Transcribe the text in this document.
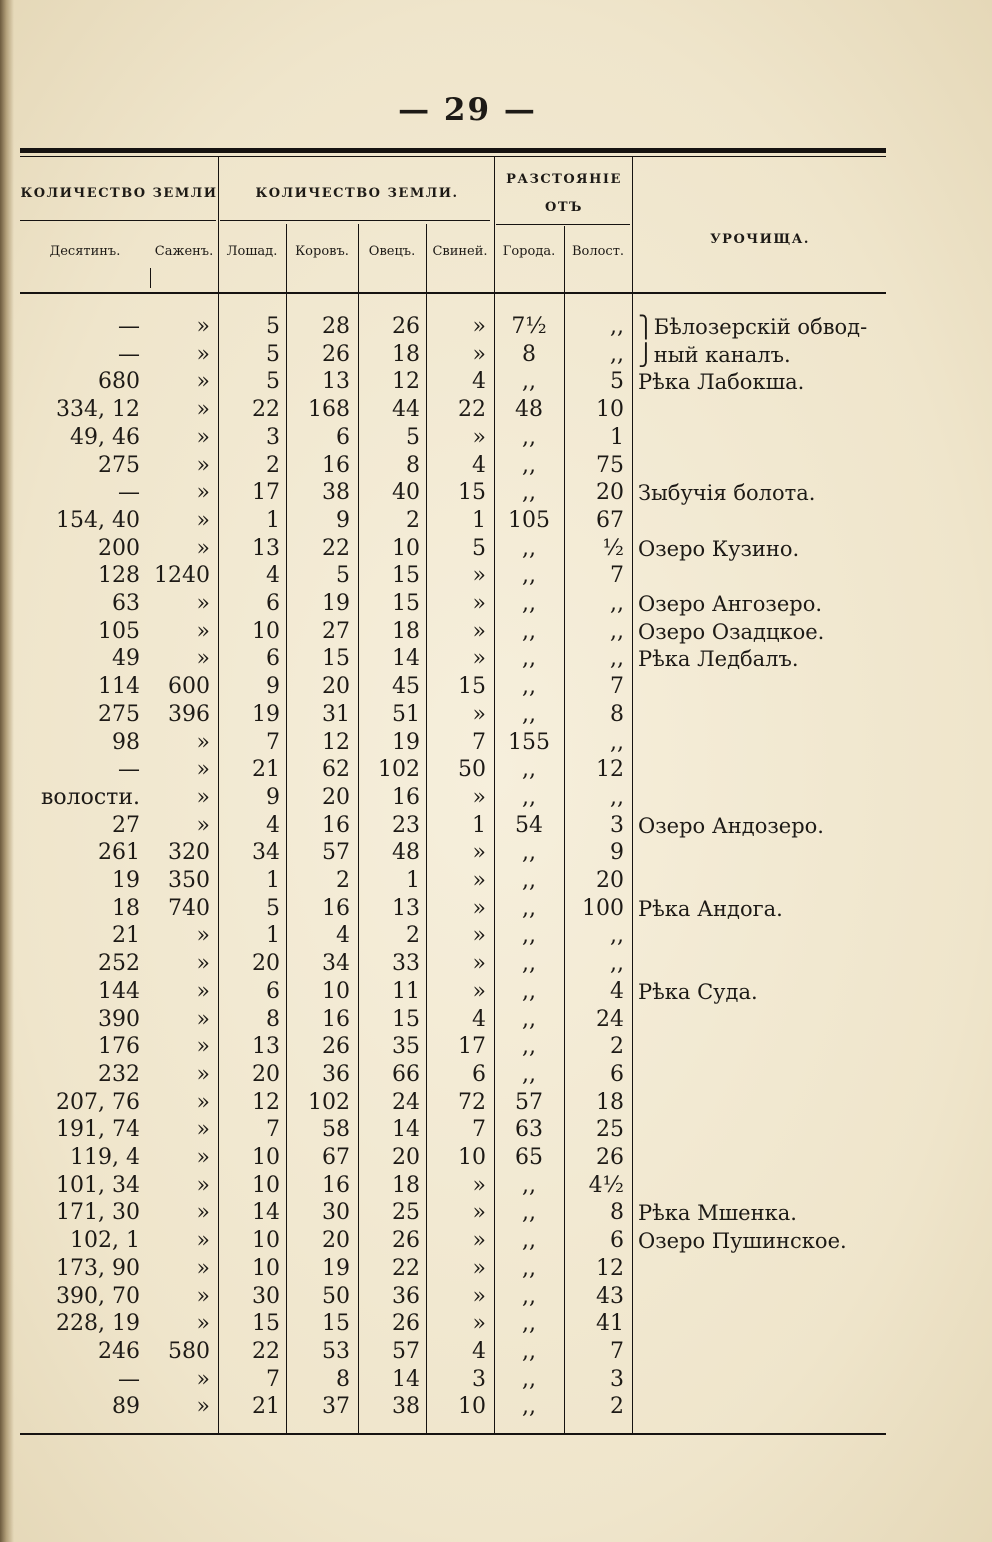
— 29 —
КОЛИЧЕСТВО ЗЕМЛИ	КОЛИЧЕСТВО ЗЕМЛИ.
РАЗСТОЯНІЕ
ОТЪ
УРОЧИЩА.
Десятинъ.	Саженъ.	Лошад.	Коровъ.	Овецъ.	Свиней.	Города.	Волост.
—	»	5	28	26	»	7½	,, ⎫Бѣлозерскій обвод-
—	»	5	26	18	»	8	,, ⎭ный каналъ.
680	»	5	13	12	4	,,	5 Рѣка Лабокша.
334, 12	»	22	168	44	22	48	10
49, 46	»	3	6	5	»	,,	1
275	»	2	16	8	4	,,	75
—	»	17	38	40	15	,,	20 Зыбучія болота.
154, 40	»	1	9	2	1	105	67
200	»	13	22	10	5	,,	½ Озеро Кузино.
128 1240	4	5	15	»	,,	7
63	»	6	19	15	»	,,	,, Озеро Ангозеро.
105	»	10	27	18	»	,,	,, Озеро Озадцкое.
49	»	6	15	14	»	,,	,, Рѣка Ледбалъ.
114	600	9	20	45	15	,,	7
275	396	19	31	51	»	,,	8
98	»	7	12	19	7	155	,,
—	»	21	62	102	50	,,	12
волости.	»	9	20	16	»	,,	,,
27	»	4	16	23	1	54	3 Озеро Андозеро.
261	320	34	57	48	»	,,	9
19	350	1	2	1	»	,,	20
18	740	5	16	13	»	,,	100 Рѣка Андога.
21	»	1	4	2	»	,,	,,
252	»	20	34	33	»	,,	,,
144	»	6	10	11	»	,,	4 Рѣка Суда.
390	»	8	16	15	4	,,	24
176	»	13	26	35	17	,,	2
232	»	20	36	66	6	,,	6
207, 76	»	12	102	24	72	57	18
191, 74	»	7	58	14	7	63	25
119, 4	»	10	67	20	10	65	26
101, 34	»	10	16	18	»	,,	4½
171, 30	»	14	30	25	»	,,	8 Рѣка Мшенка.
102, 1	»	10	20	26	»	,,	6 Озеро Пушинское.
173, 90	»	10	19	22	»	,,	12
390, 70	»	30	50	36	»	,,	43
228, 19	»	15	15	26	»	,,	41
246	580	22	53	57	4	,,	7
—	»	7	8	14	3	,,	3
89	»	21	37	38	10	,,	2
